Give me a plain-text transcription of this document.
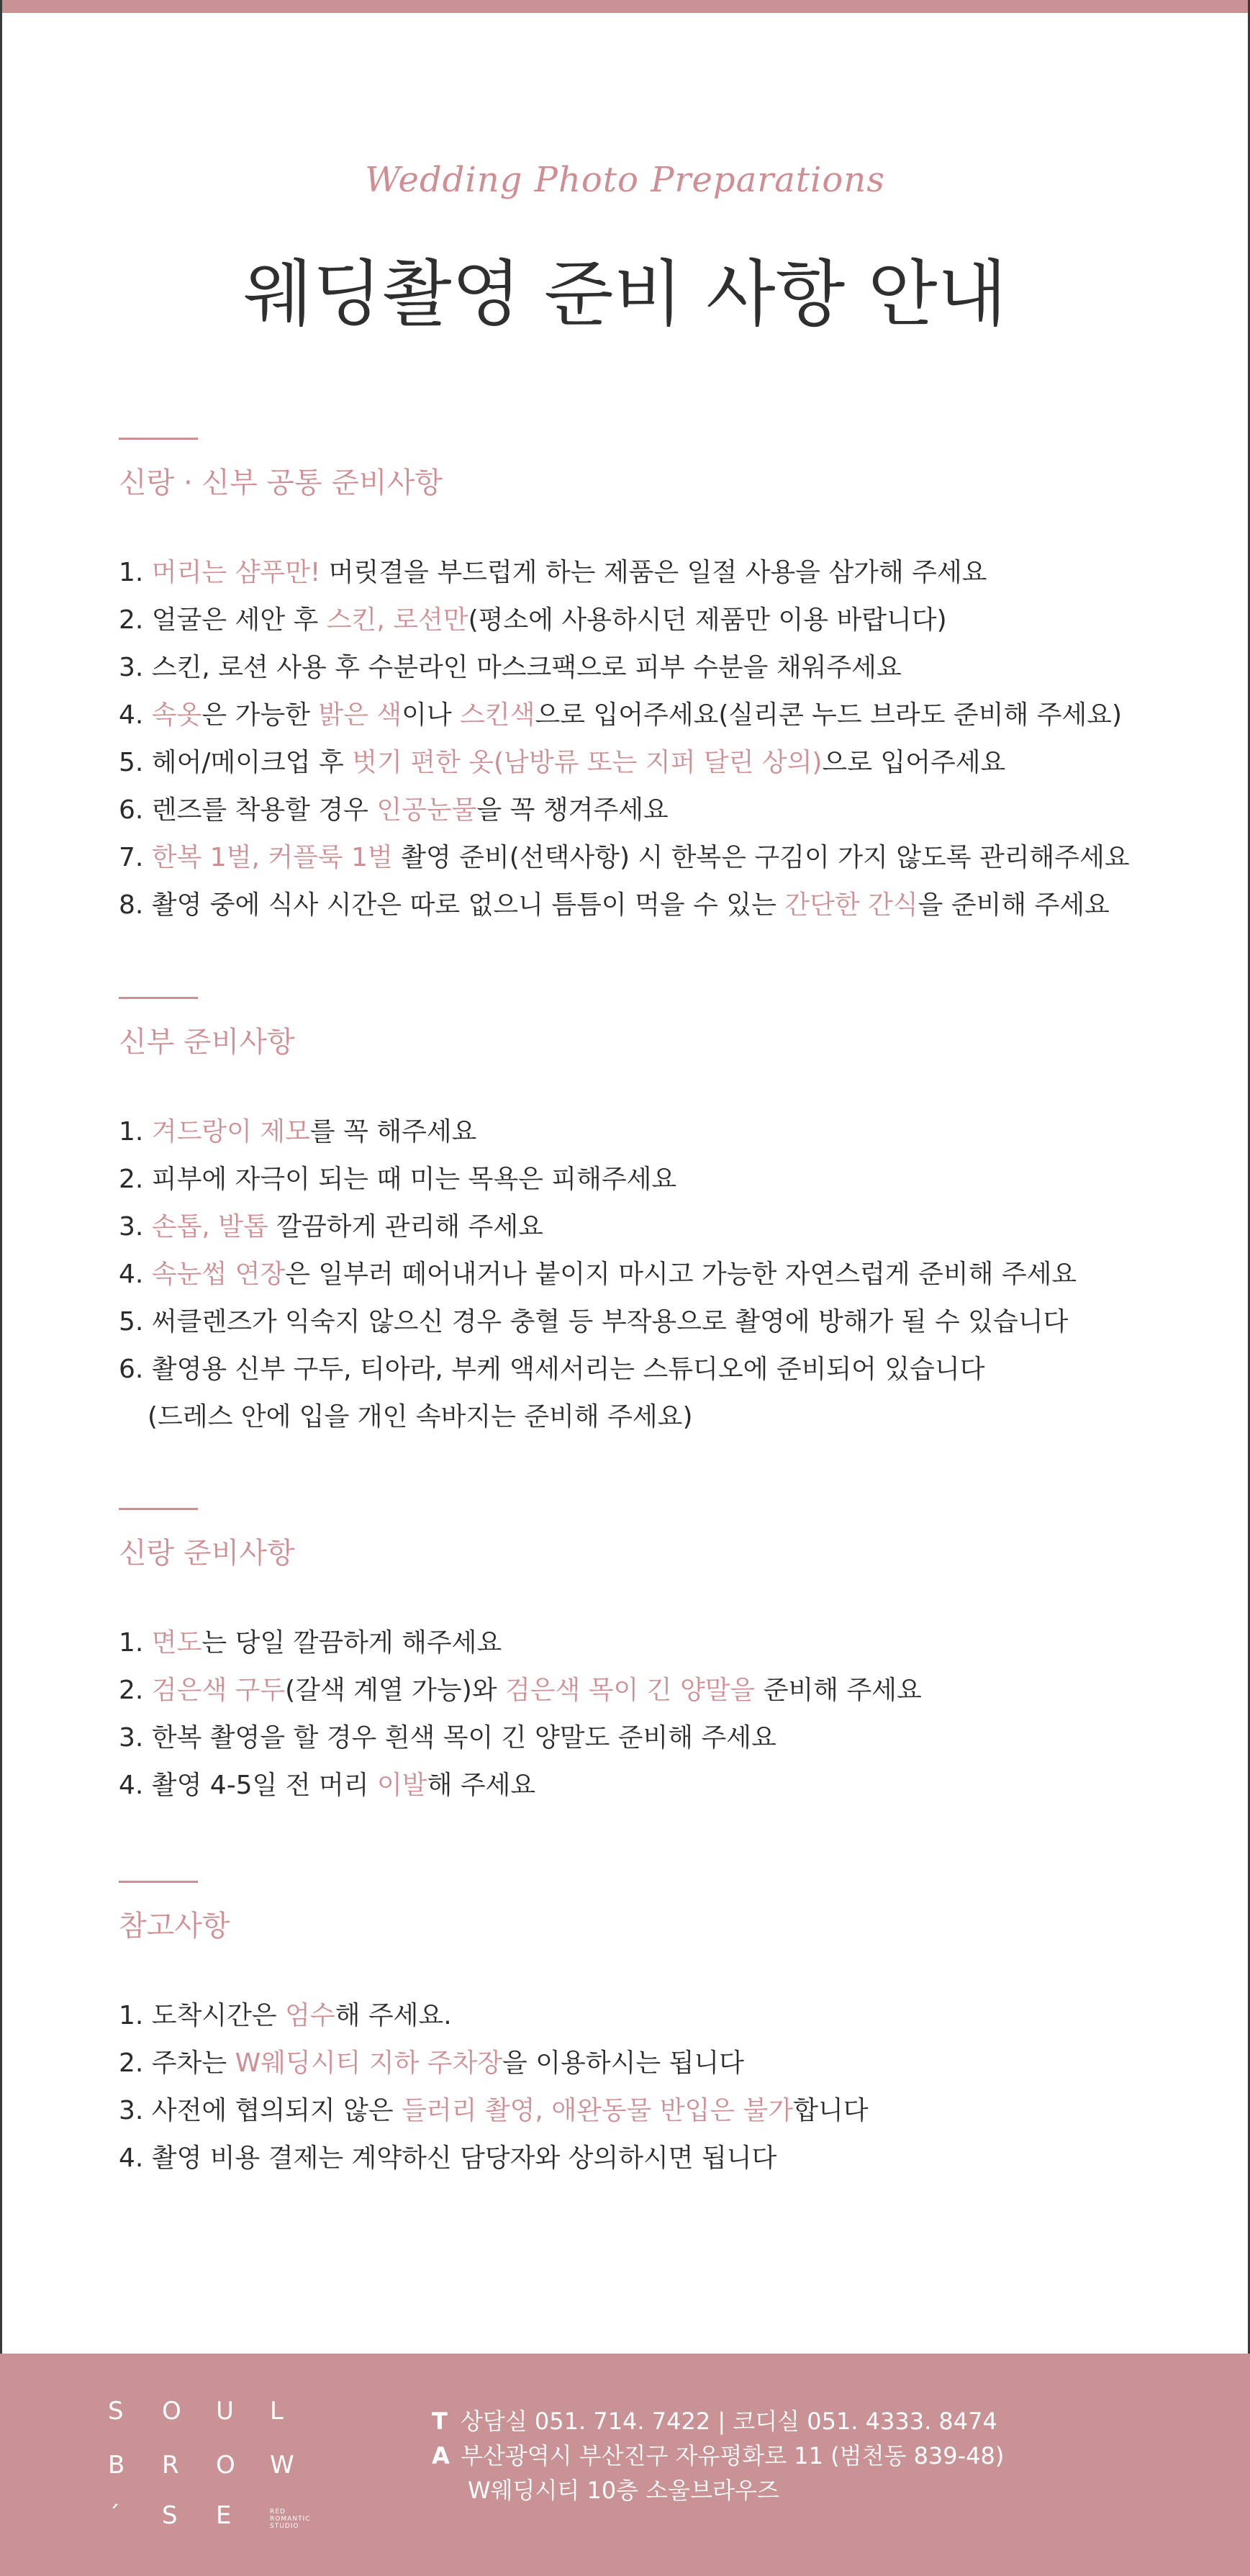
Wedding Photo Preparations
웨딩촬영 준비 사항 안내
신랑 · 신부 공통 준비사항
1. 머리는 샴푸만! 머릿결을 부드럽게 하는 제품은 일절 사용을 삼가해 주세요
2. 얼굴은 세안 후 스킨, 로션만(평소에 사용하시던 제품만 이용 바랍니다)
3. 스킨, 로션 사용 후 수분라인 마스크팩으로 피부 수분을 채워주세요
4. 속옷은 가능한 밝은 색이나 스킨색으로 입어주세요(실리콘 누드 브라도 준비해 주세요)
5. 헤어/메이크업 후 벗기 편한 옷(남방류 또는 지퍼 달린 상의)으로 입어주세요
6. 렌즈를 착용할 경우 인공눈물을 꼭 챙겨주세요
7. 한복 1벌, 커플룩 1벌 촬영 준비(선택사항) 시 한복은 구김이 가지 않도록 관리해주세요
8. 촬영 중에 식사 시간은 따로 없으니 틈틈이 먹을 수 있는 간단한 간식을 준비해 주세요
신부 준비사항
1. 겨드랑이 제모를 꼭 해주세요
2. 피부에 자극이 되는 때 미는 목욕은 피해주세요
3. 손톱, 발톱 깔끔하게 관리해 주세요
4. 속눈썹 연장은 일부러 떼어내거나 붙이지 마시고 가능한 자연스럽게 준비해 주세요
5. 써클렌즈가 익숙지 않으신 경우 충혈 등 부작용으로 촬영에 방해가 될 수 있습니다
6. 촬영용 신부 구두, 티아라, 부케 액세서리는 스튜디오에 준비되어 있습니다
(드레스 안에 입을 개인 속바지는 준비해 주세요)
신랑 준비사항
1. 면도는 당일 깔끔하게 해주세요
2. 검은색 구두(갈색 계열 가능)와 검은색 목이 긴 양말을 준비해 주세요
3. 한복 촬영을 할 경우 흰색 목이 긴 양말도 준비해 주세요
4. 촬영 4-5일 전 머리 이발해 주세요
참고사항
1. 도착시간은 엄수해 주세요.
2. 주차는 W웨딩시티 지하 주차장을 이용하시는 됩니다
3. 사전에 협의되지 않은 들러리 촬영, 애완동물 반입은 불가합니다
4. 촬영 비용 결제는 계약하신 담당자와 상의하시면 됩니다
S O U L
B R O W
´ S E	RED
ROMANTIC
STUDIO
T 상담실 051. 714. 7422 | 코디실 051. 4333. 8474
A 부산광역시 부산진구 자유평화로 11 (범천동 839-48)
W웨딩시티 10층 소울브라우즈
